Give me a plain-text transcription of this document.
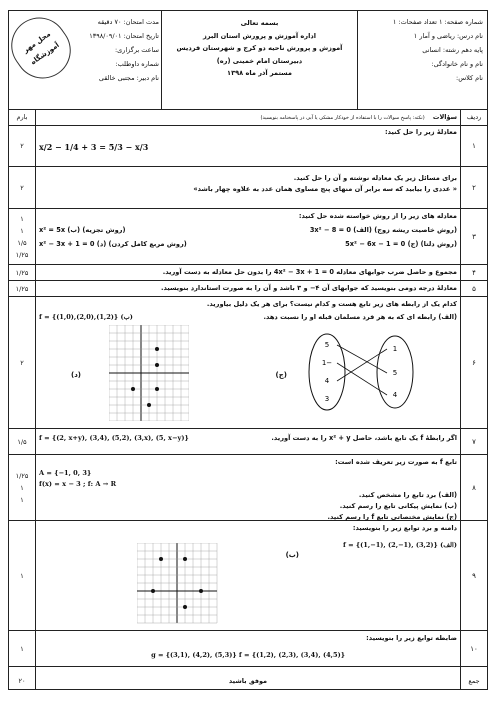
شماره صفحه: ۱ تعداد صفحات: ۱
نام درس: ریاضی و آمار ۱
پایه دهم رشته: انسانی
نام و نام خانوادگی:
نام کلاس:
بسمه تعالی
اداره آموزش و پرورش استان البرز
آموزش و پرورش ناحیه دو کرج و شهرستان فردیس
دبیرستان امام خمینی (ره)
مستمر آذر ماه ۱۳۹۸
مدت امتحان: ۷۰ دقیقه
تاریخ امتحان: ۱۳۹۸/۰۹/۰۱
ساعت برگزاری:
شماره داوطلب:
نام دبیر: مجتبی خالقی
محل مهر آموزشگاه
ردیف
سؤالات (نکته: پاسخ سوالات را با استفاده از خودکار مشکی یا آبی در پاسخنامه بنویسید)
بارم
۱
معادلهٔ زیر را حل کنید:
x/2 − 1/4 + 3 = 5/3 − x/3
۲
۲
برای مسائل زیر یک معادله نوشته و آن را حل کنید.
« عددی را بیابید که سه برابر آن منهای پنج مساوی همان عدد به علاوه چهار باشد»
۲
۳
معادله های زیر را از روش خواسته شده حل کنید:
(روش خاصیت ریشه زوج) (الف) 3x² − 8 = 0
(روش تجزیه) (ب) x² = 5x
(روش دلتا) (ج) 5x² − 6x − 1 = 0
(روش مربع کامل کردن) (د) x² − 3x + 1 = 0
۱
۱
۱/۵
۱/۲۵
۴
مجموع و حاصل ضرب جوابهای معادله 4x² − 3x + 1 = 0 را بدون حل معادله به دست آورید.
۱/۲۵
۵
معادلهٔ درجه دومی بنویسید که جوابهای آن ۴− و ۳ باشد و آن را به صورت استاندارد بنویسید.
۱/۲۵
۶
کدام یک از رابطه های زیر تابع هست و کدام نیست؟ برای هر یک دلیل بیاورید.
(الف) رابطه ای که به هر فرد مسلمان قبله او را نسبت دهد.
f = {(1,0),(2,0),(1,2)} (ب)
1
5
4
5
−1
4
3
(ج)
(د)
۲
۷
اگر رابطهٔ f یک تابع باشد، حاصل x² + y را به دست آورید.
f = {(2, x+y), (3,4), (5,2), (3,x), (5, x−y)}
۱/۵
۸
تابع f به صورت زیر تعریف شده است:
A = {−1, 0, 3}
f(x) = x − 3 ; f: A → R
(الف) برد تابع را مشخص کنید.
(ب) نمایش پیکانی تابع را رسم کنید.
(ج) نمایش مختصاتی تابع f را رسم کنید.
۱/۲۵
۱
۱
۹
دامنه و برد توابع زیر را بنویسید:
f = {(1,−1), (2,−1), (3,2)} (الف)
(ب)
۱
۱۰
ضابطه توابع زیر را بنویسید:
g = {(3,1), (4,2), (5,3)} f = {(1,2), (2,3), (3,4), (4,5)}
۱
جمع
موفق باشید
۲۰
